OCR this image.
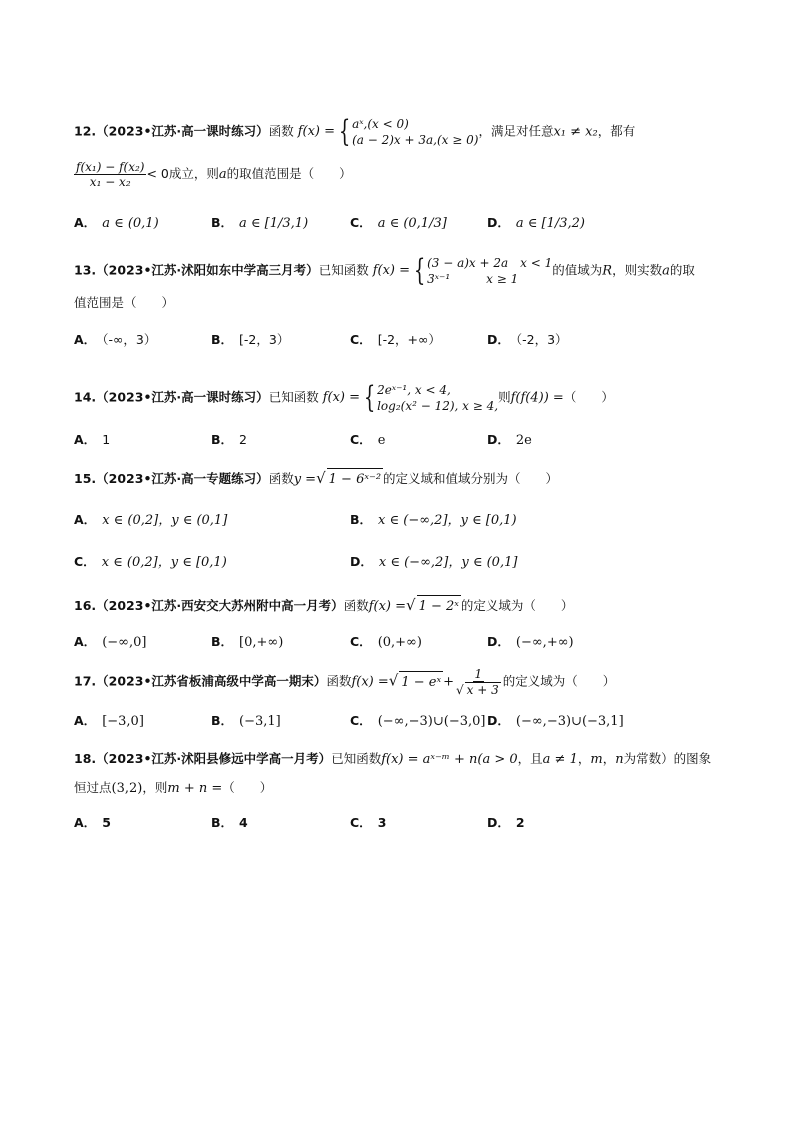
12.（2023•江苏·高一课时练习）函数 f(x) = { aˣ,(x < 0)
(a − 2)x + 3a,(x ≥ 0)
，满足对任意x₁ ≠ x₂，都有
$\frac{\text{f(x₁) − f(x₂)}}{\text{x₁ − x₂}} < 0$成立，则a的取值范围是（　　）
A． a ∈ (0,1)	B． a ∈ [1/3,1)	C． a ∈ (0,1/3]	D． a ∈ [1/3,2)
13.（2023•江苏·沭阳如东中学高三月考）已知函数 f(x) = { (3 − a)x + 2a　x < 1
3ˣ⁻¹　　　x ≥ 1
的值域为R，则实数a的取
值范围是（　　）
A． （-∞，3）	B． [-2，3）	C． [-2，+∞）	D． （-2，3）
14.（2023•江苏·高一课时练习）已知函数 f(x) = { 2eˣ⁻¹, x < 4,
log₂(x² − 12), x ≥ 4,
则f(f(4)) =（　　）
A． 1	B． 2	C． e	D． 2e
15.（2023•江苏·高一专题练习）函数y =√ 1 − 6ˣ⁻² 的定义域和值域分别为（　　）
A． x ∈ (0,2]，y ∈ (0,1]	B． x ∈ (−∞,2]，y ∈ [0,1)
C． x ∈ (0,2]，y ∈ [0,1)	D． x ∈ (−∞,2]，y ∈ (0,1]
16.（2023•江苏·西安交大苏州附中高一月考）函数f(x) =√ 1 − 2ˣ 的定义域为（　　）
A． (−∞,0]	B． [0,+∞)	C． (0,+∞)	D． (−∞,+∞)
17.（2023•江苏省板浦高级中学高一期末）函数f(x) =√ 1 − eˣ + $\frac{1}{√ x + 3}$ 的定义域为（　　）
A． [−3,0]	B． (−3,1]	C． (−∞,−3)∪(−3,0] D． (−∞,−3)∪(−3,1]
18.（2023•江苏·沭阳县修远中学高一月考）已知函数f(x) = aˣ⁻ᵐ + n(a > 0，且a ≠ 1，m，n为常数）的图象
恒过点(3,2)，则m + n =（　　）
A． 5	B． 4	C． 3	D． 2
